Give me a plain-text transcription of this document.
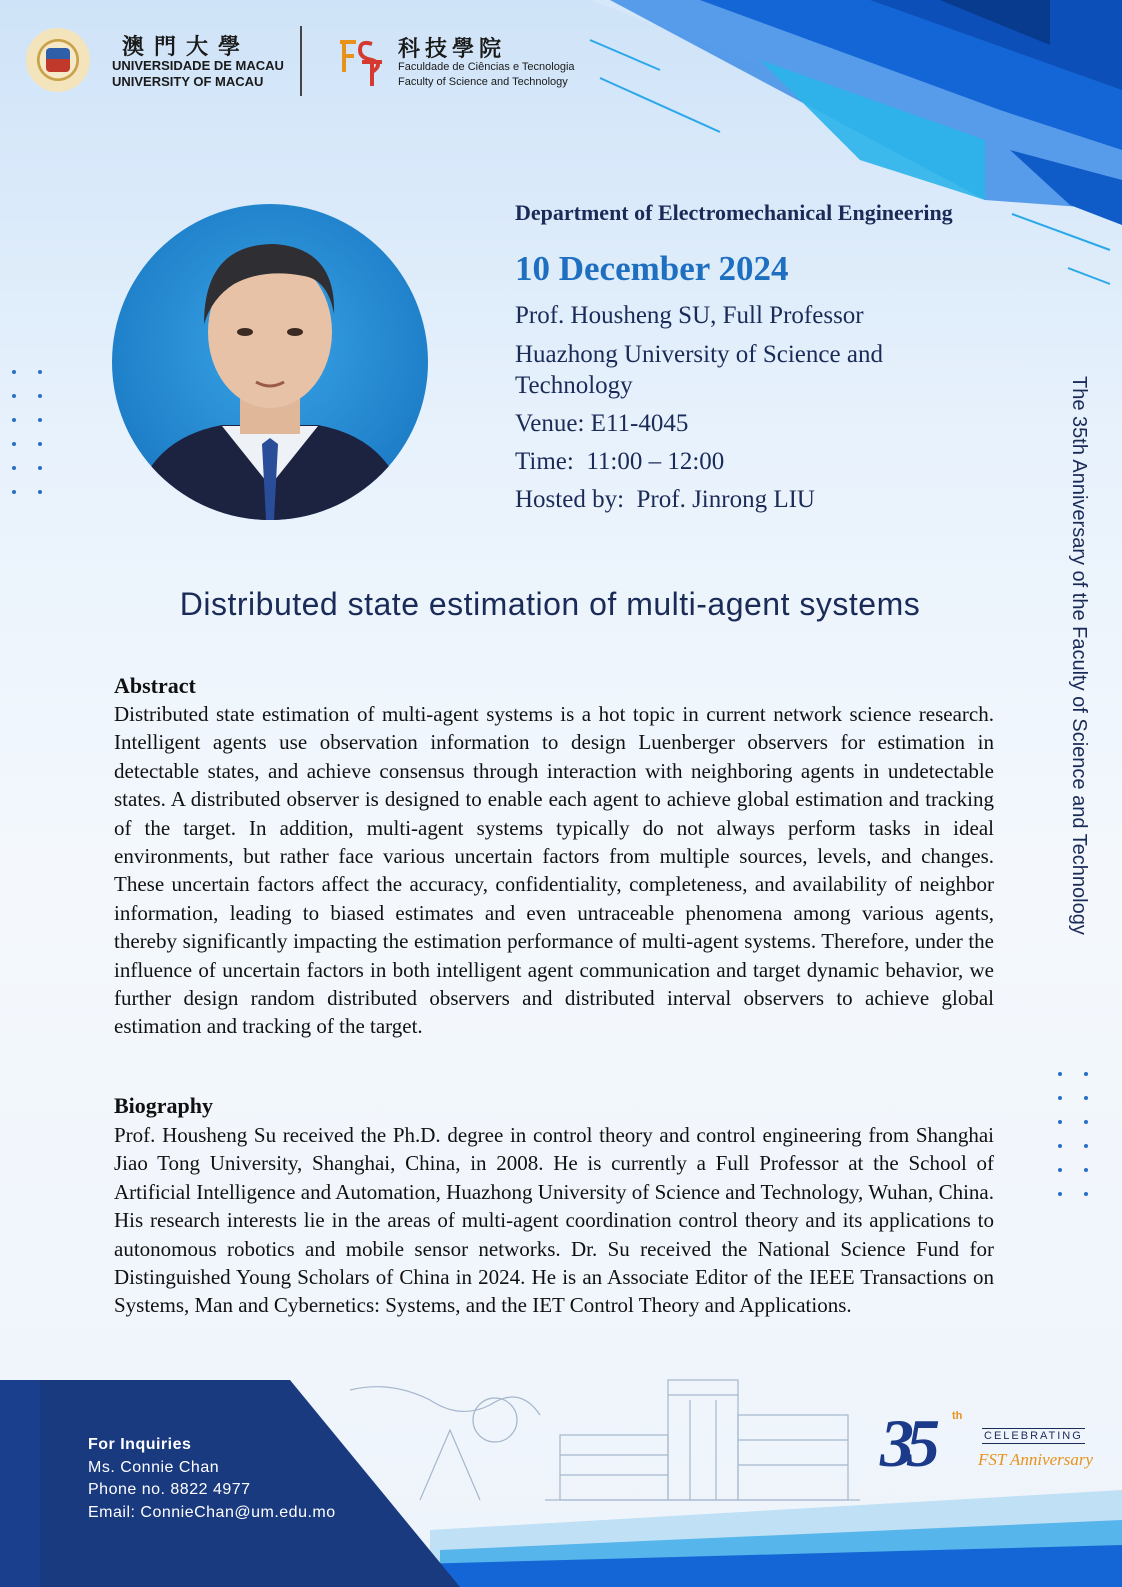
澳門大學
UNIVERSIDADE DE MACAU
UNIVERSITY OF MACAU
科技學院
Faculdade de Ciências e Tecnologia
Faculty of Science and Technology
Department of Electromechanical Engineering
10 December 2024
Prof. Housheng SU, Full Professor
Huazhong University of Science and Technology
Venue: E11-4045
Time:  11:00 – 12:00
Hosted by:  Prof. Jinrong LIU	The 35th Anniversary of the Faculty of Science and Technology
Distributed state estimation of multi-agent systems
Abstract
Distributed state estimation of multi-agent systems is a hot topic in current network science research. Intelligent agents use observation information to design Luenberger observers for estimation in detectable states, and achieve consensus through interaction with neighboring agents in undetectable states. A distributed observer is designed to enable each agent to achieve global estimation and tracking of the target. In addition, multi-agent systems typically do not always perform tasks in ideal environments, but rather face various uncertain factors from multiple sources, levels, and changes. These uncertain factors affect the accuracy, confidentiality, completeness, and availability of neighbor information, leading to biased estimates and even untraceable phenomena among various agents, thereby significantly impacting the estimation performance of multi-agent systems. Therefore, under the influence of uncertain factors in both intelligent agent communication and target dynamic behavior, we further design random distributed observers and distributed interval observers to achieve global estimation and tracking of the target.
Biography
Prof. Housheng Su received the Ph.D. degree in control theory and control engineering from Shanghai Jiao Tong University, Shanghai, China, in 2008. He is currently a Full Professor at the School of Artificial Intelligence and Automation, Huazhong University of Science and Technology, Wuhan, China. His research interests lie in the areas of multi-agent coordination control theory and its applications to autonomous robotics and mobile sensor networks. Dr. Su received the National Science Fund for Distinguished Young Scholars of China in 2024. He is an Associate Editor of the IEEE Transactions on Systems, Man and Cybernetics: Systems, and the IET Control Theory and Applications.
For Inquiries
Ms. Connie Chan
Phone no. 8822 4977
Email: ConnieChan@um.edu.mo
35 th
CELEBRATING
FST Anniversary
